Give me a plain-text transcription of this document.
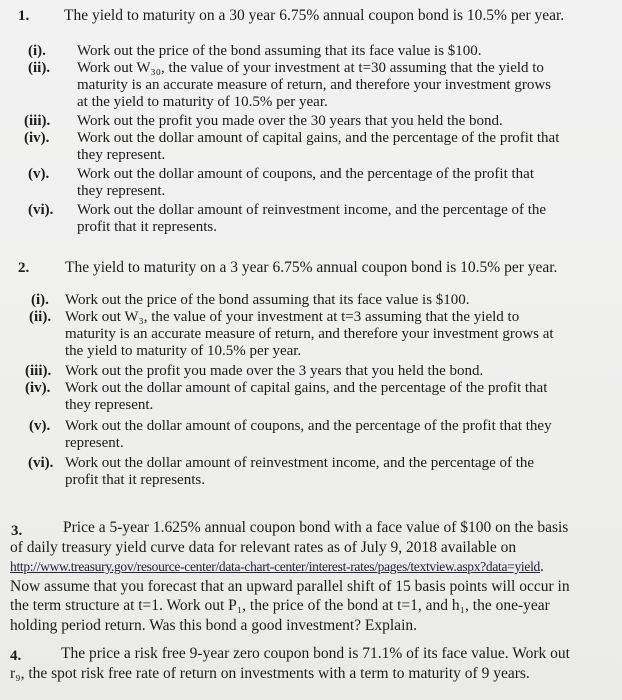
1. The yield to maturity on a 30 year 6.75% annual coupon bond is 10.5% per year.
(i). Work out the price of the bond assuming that its face value is $100.
(ii). Work out W₃₀, the value of your investment at t=30 assuming that the yield to
maturity is an accurate measure of return, and therefore your investment grows
at the yield to maturity of 10.5% per year.
(iii). Work out the profit you made over the 30 years that you held the bond.
(iv). Work out the dollar amount of capital gains, and the percentage of the profit that
they represent.
(v). Work out the dollar amount of coupons, and the percentage of the profit that
they represent.
(vi). Work out the dollar amount of reinvestment income, and the percentage of the
profit that it represents.
2. The yield to maturity on a 3 year 6.75% annual coupon bond is 10.5% per year.
(i). Work out the price of the bond assuming that its face value is $100.
(ii). Work out W₃, the value of your investment at t=3 assuming that the yield to
maturity is an accurate measure of return, and therefore your investment grows at
the yield to maturity of 10.5% per year.
(iii). Work out the profit you made over the 3 years that you held the bond.
(iv). Work out the dollar amount of capital gains, and the percentage of the profit that
they represent.
(v). Work out the dollar amount of coupons, and the percentage of the profit that they
represent.
(vi). Work out the dollar amount of reinvestment income, and the percentage of the
profit that it represents.
3.	Price a 5-year 1.625% annual coupon bond with a face value of $100 on the basis
of daily treasury yield curve data for relevant rates as of July 9, 2018 available on
http://www.treasury.gov/resource-center/data-chart-center/interest-rates/pages/textview.aspx?data=yield.
Now assume that you forecast that an upward parallel shift of 15 basis points will occur in
the term structure at t=1. Work out P₁, the price of the bond at t=1, and h₁, the one-year
holding period return. Was this bond a good investment? Explain.
4.	The price a risk free 9-year zero coupon bond is 71.1% of its face value. Work out
r₉, the spot risk free rate of return on investments with a term to maturity of 9 years.
